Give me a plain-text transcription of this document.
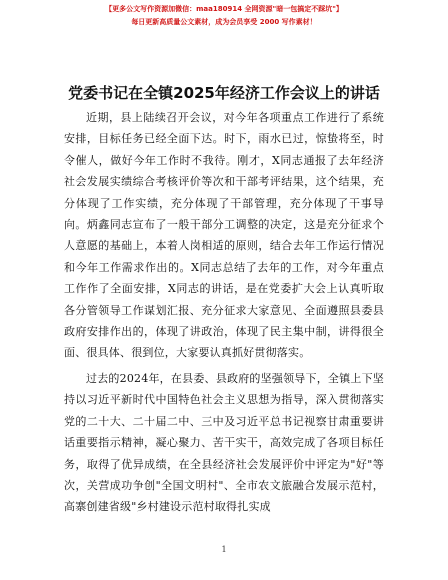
【更多公文写作资源加微信：maa180914 全网资源"暗一包搞定不踩坑"】
每日更新高质量公文素材，成为会员享受 2000 写作素材！
党委书记在全镇2025年经济工作会议上的讲话

近期，县上陆续召开会议，对今年各项重点工作进行了系统安排，目标任务已经全面下达。时下，雨水已过，惊蛰将至，时令催人，做好今年工作时不我待。刚才，X同志通报了去年经济社会发展实绩综合考核评价等次和干部考评结果，这个结果，充分体现了工作实绩，充分体现了干部管理，充分体现了干事导向。炳鑫同志宣布了一般干部分工调整的决定，这是充分征求个人意愿的基础上，本着人岗相适的原则，结合去年工作运行情况和今年工作需求作出的。X同志总结了去年的工作，对今年重点工作作了全面安排，X同志的讲话，是在党委扩大会上认真听取各分管领导工作谋划汇报、充分征求大家意见、全面遵照县委县政府安排作出的，体现了讲政治，体现了民主集中制，讲得很全面、很具体、很到位，大家要认真抓好贯彻落实。

过去的2024年，在县委、县政府的坚强领导下，全镇上下坚持以习近平新时代中国特色社会主义思想为指导，深入贯彻落实党的二十大、二十届二中、三中及习近平总书记视察甘肃重要讲话重要指示精神，凝心聚力、苦干实干，高效完成了各项目标任务，取得了优异成绩，在全县经济社会发展评价中评定为"好"等次，关营成功争创"全国文明村"、全市农文旅融合发展示范村，高寨创建省级"乡村建设示范村取得扎实成

1
